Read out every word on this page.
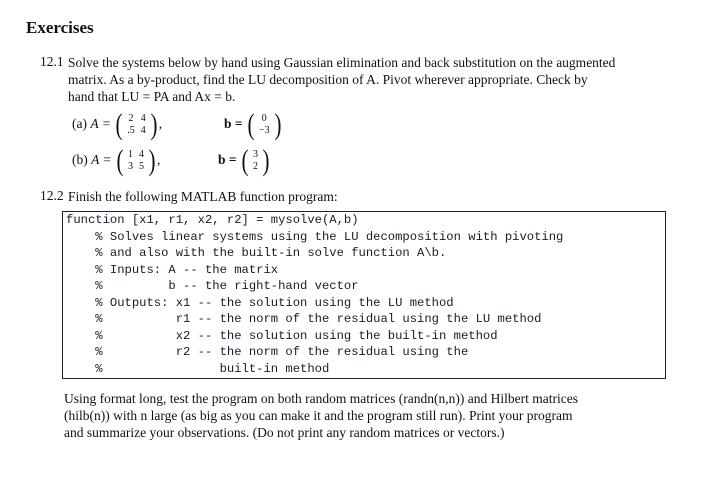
Exercises
12.1 Solve the systems below by hand using Gaussian elimination and back substitution on the augmented
matrix. As a by-product, find the LU decomposition of A. Pivot wherever appropriate. Check by
hand that LU = PA and Ax = b.
(a) A = ( 2	4
.5	4 ) ,	b = ( 0
−3 )
(b) A = ( 1	4
3	5 ) ,	b = ( 3
2 )
12.2 Finish the following MATLAB function program:
function [x1, r1, x2, r2] = mysolve(A,b)
% Solves linear systems using the LU decomposition with pivoting
% and also with the built-in solve function A\b.
% Inputs: A -- the matrix
%         b -- the right-hand vector
% Outputs: x1 -- the solution using the LU method
%          r1 -- the norm of the residual using the LU method
%          x2 -- the solution using the built-in method
%          r2 -- the norm of the residual using the
%                built-in method
Using format long, test the program on both random matrices (randn(n,n)) and Hilbert matrices
(hilb(n)) with n large (as big as you can make it and the program still run). Print your program
and summarize your observations. (Do not print any random matrices or vectors.)
